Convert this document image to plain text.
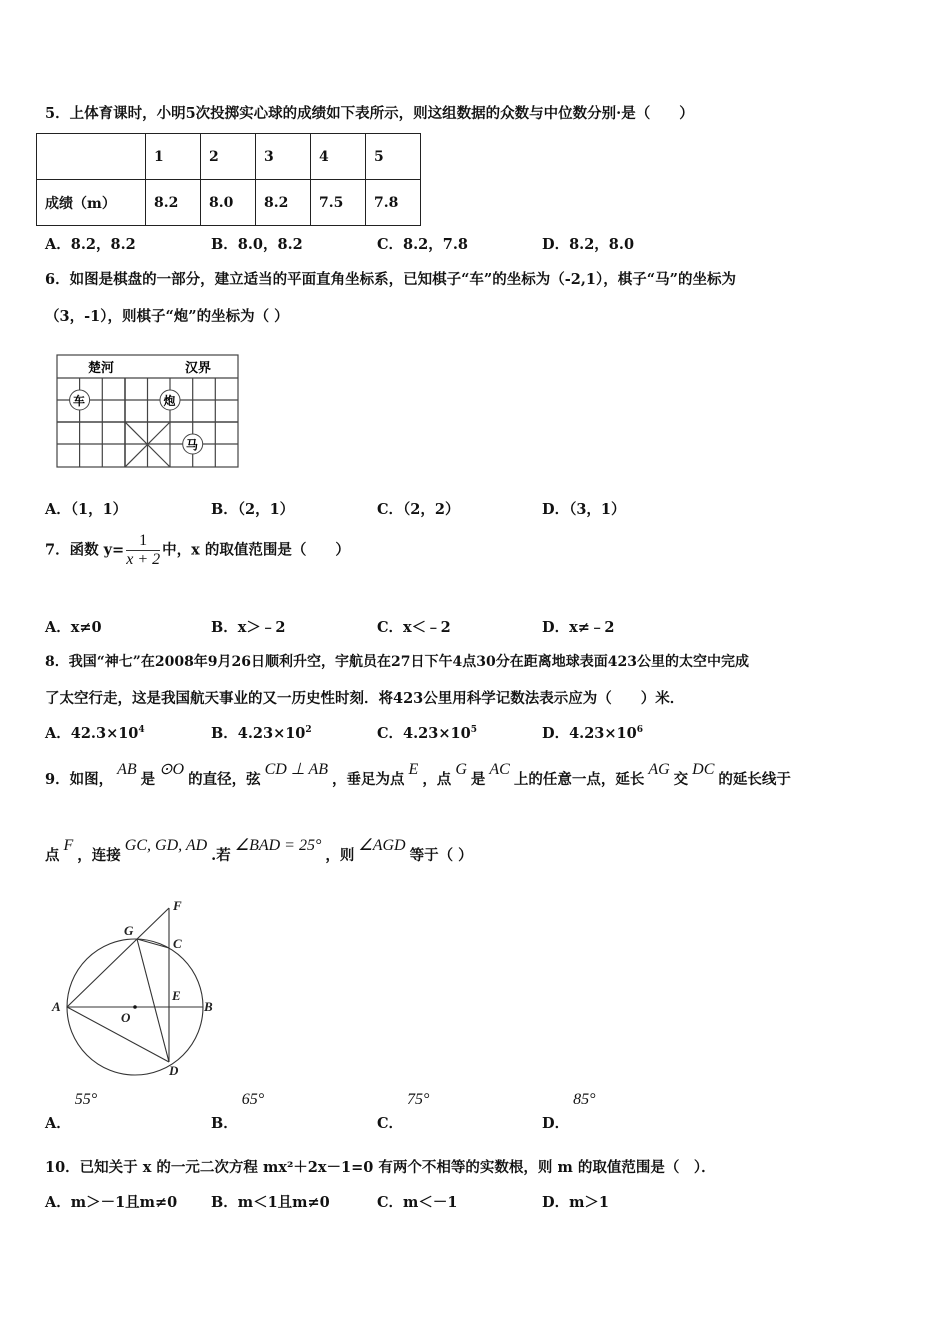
5．上体育课时，小明5次投掷实心球的成绩如下表所示，则这组数据的众数与中位数分别·是（　　）
	1	2	3	4	5
成绩（m）	8.2	8.0	8.2	7.5	7.8
A．8.2，8.2	B．8.0，8.2	C．8.2，7.8	D．8.2，8.0
6．如图是棋盘的一部分，建立适当的平面直角坐标系，已知棋子“车”的坐标为（-2,1），棋子“马”的坐标为
（3，-1），则棋子“炮”的坐标为（ ）
楚河	汉界
车	炮
马
A．（1，1）	B．（2，1）	C．（2，2）	D．（3，1）
7．函数 $y= \frac{1}{x + 2}$ 中，x 的取值范围是（　　）
A．x≠0	B．x＞﹣2	C．x＜﹣2	D．x≠﹣2
8．我国“神七”在2008年9月26日顺利升空，宇航员在27日下午4点30分在距离地球表面423公里的太空中完成
了太空行走，这是我国航天事业的又一历史性时刻．将423公里用科学记数法表示应为（　　）米．
A．$42.3\times 10^4$	B．$4.23\times 10^2$	C．$4.23\times 10^5$	D．$4.23\times 10^6$
9．如图，AB是⊙O的直径，弦CD ⊥ AB，垂足为点E，点G是AC上的任意一点，延长AG交DC的延长线于
点F，连接GC, GD, AD.若∠BAD = 25°，则∠AGD等于（ ）
A	B
C
D
E
F
G
O
A．55°
B．65°
C．75°
D．85°
10．已知关于 x 的一元二次方程 mx²＋2x－1=0 有两个不相等的实数根，则 m 的取值范围是（　）．
A．m＞－1且m≠0 B．m＜1且m≠0	C．m＜－1	D．m＞1
